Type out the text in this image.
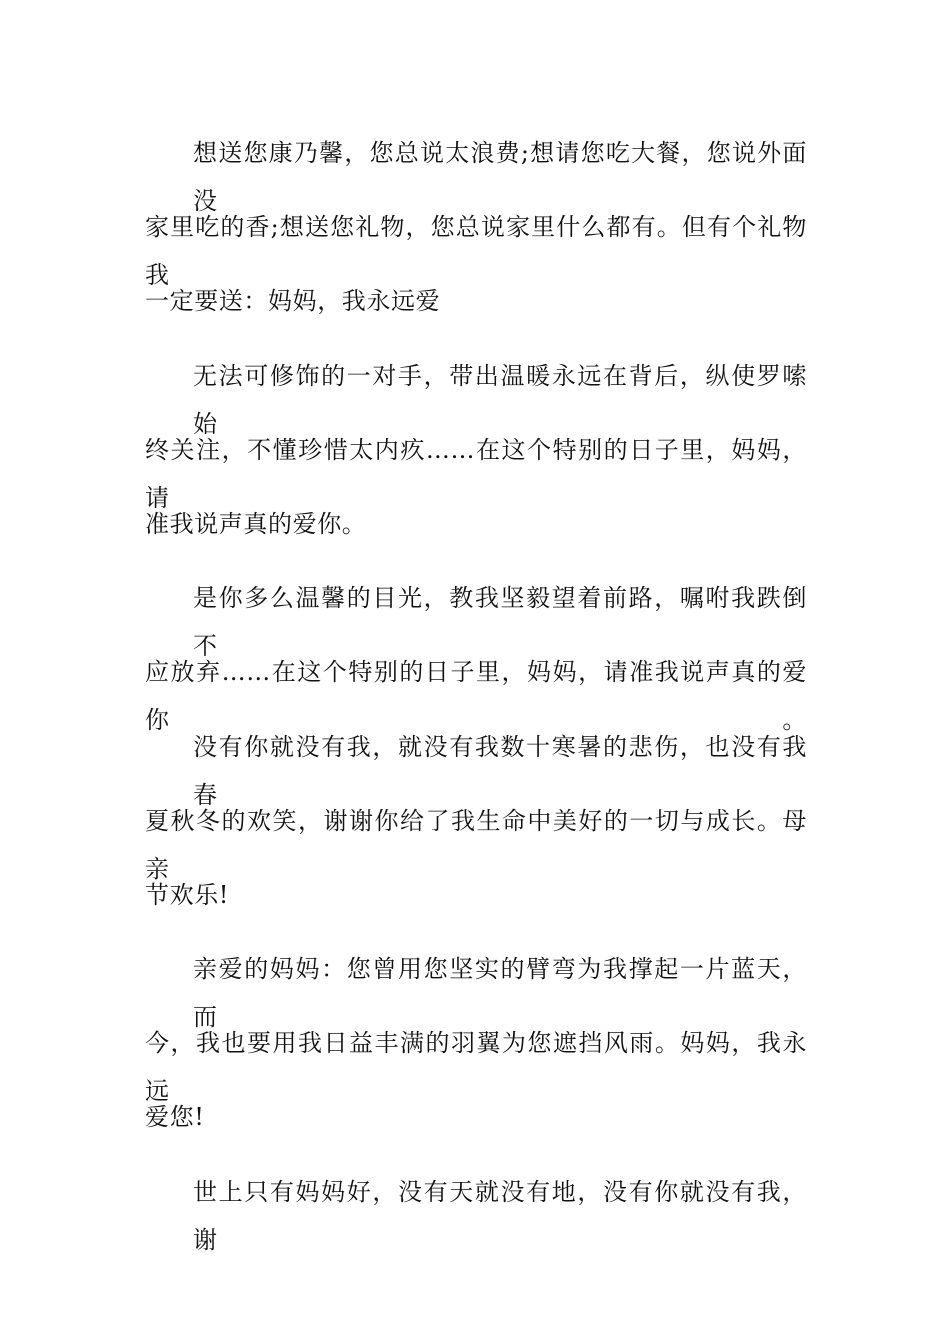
想送您康乃馨，您总说太浪费;想请您吃大餐，您说外面没
家里吃的香;想送您礼物，您总说家里什么都有。但有个礼物我
一定要送：妈妈，我永远爱
无法可修饰的一对手，带出温暖永远在背后，纵使罗嗦始
终关注，不懂珍惜太内疚……在这个特别的日子里，妈妈，请
准我说声真的爱你。
是你多么温馨的目光，教我坚毅望着前路，嘱咐我跌倒不
应放弃……在这个特别的日子里，妈妈，请准我说声真的爱你。
没有你就没有我，就没有我数十寒暑的悲伤，也没有我春
夏秋冬的欢笑，谢谢你给了我生命中美好的一切与成长。母亲
节欢乐!
亲爱的妈妈：您曾用您坚实的臂弯为我撑起一片蓝天，而
今，我也要用我日益丰满的羽翼为您遮挡风雨。妈妈，我永远
爱您!
世上只有妈妈好，没有天就没有地，没有你就没有我，谢
